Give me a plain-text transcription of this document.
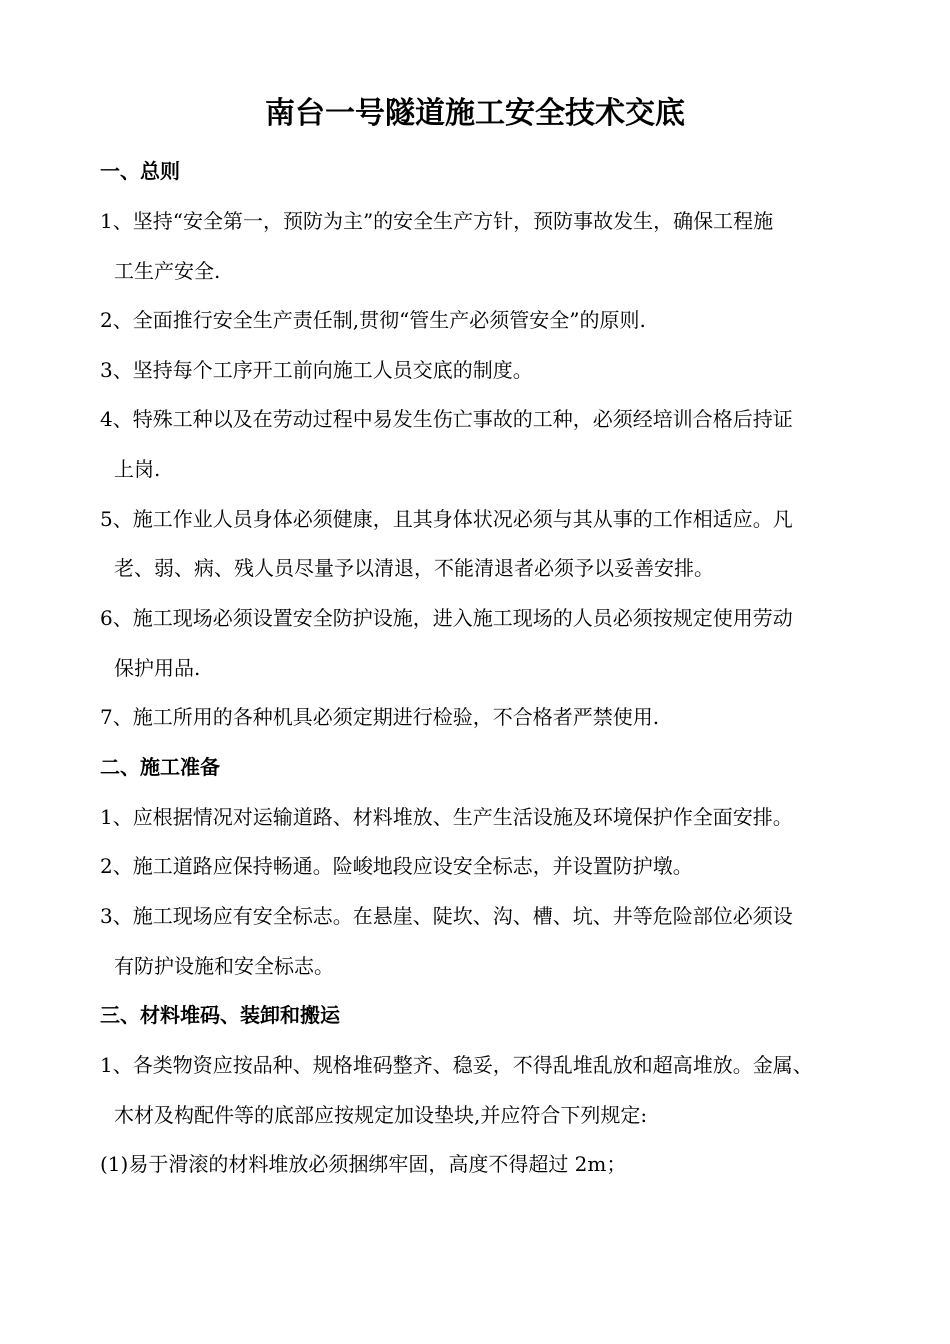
南台一号隧道施工安全技术交底
一、总则
1、坚持“安全第一，预防为主”的安全生产方针，预防事故发生，确保工程施
工生产安全.
2、全面推行安全生产责任制,贯彻“管生产必须管安全”的原则.
3、坚持每个工序开工前向施工人员交底的制度。
4、特殊工种以及在劳动过程中易发生伤亡事故的工种，必须经培训合格后持证
上岗.
5、施工作业人员身体必须健康，且其身体状况必须与其从事的工作相适应。凡
老、弱、病、残人员尽量予以清退，不能清退者必须予以妥善安排。
6、施工现场必须设置安全防护设施，进入施工现场的人员必须按规定使用劳动
保护用品.
7、施工所用的各种机具必须定期进行检验，不合格者严禁使用.
二、施工准备
1、应根据情况对运输道路、材料堆放、生产生活设施及环境保护作全面安排。
2、施工道路应保持畅通。险峻地段应设安全标志，并设置防护墩。
3、施工现场应有安全标志。在悬崖、陡坎、沟、槽、坑、井等危险部位必须设
有防护设施和安全标志。
三、材料堆码、装卸和搬运
1、各类物资应按品种、规格堆码整齐、稳妥，不得乱堆乱放和超高堆放。金属、
木材及构配件等的底部应按规定加设垫块,并应符合下列规定:
(1)易于滑滚的材料堆放必须捆绑牢固，高度不得超过 2m；
